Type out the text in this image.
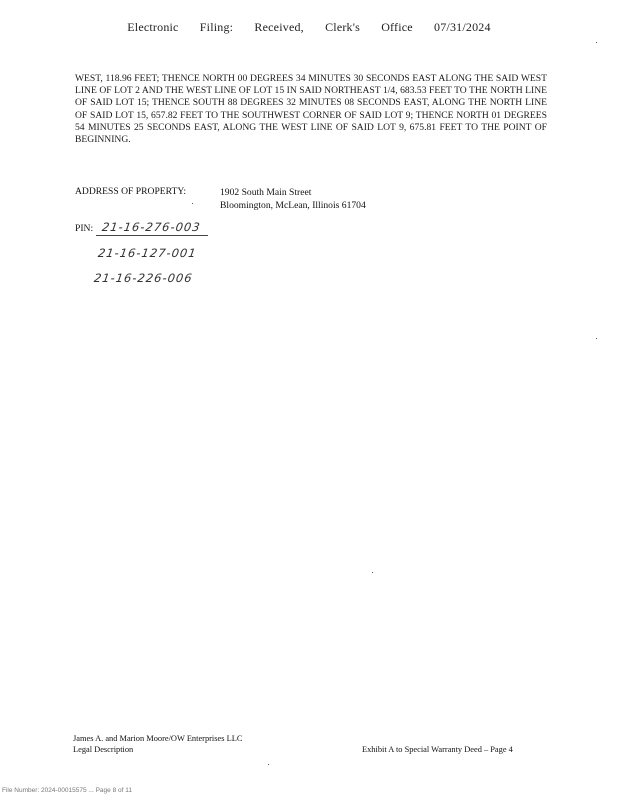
Electronic Filing: Received, Clerk's Office 07/31/2024
WEST, 118.96 FEET; THENCE NORTH 00 DEGREES 34 MINUTES 30 SECONDS EAST ALONG THE SAID WEST LINE OF LOT 2 AND THE WEST LINE OF LOT 15 IN SAID NORTHEAST 1/4, 683.53 FEET TO THE NORTH LINE OF SAID LOT 15; THENCE SOUTH 88 DEGREES 32 MINUTES 08 SECONDS EAST, ALONG THE NORTH LINE OF SAID LOT 15, 657.82 FEET TO THE SOUTHWEST CORNER OF SAID LOT 9; THENCE NORTH 01 DEGREES 54 MINUTES 25 SECONDS EAST, ALONG THE WEST LINE OF SAID LOT 9, 675.81 FEET TO THE POINT OF BEGINNING.
ADDRESS OF PROPERTY:	1902 South Main Street
Bloomington, McLean, Illinois 61704
PIN: 21-16-276-003
21-16-127-001
21-16-226-006
James A. and Marion Moore/OW Enterprises LLC
Legal Description	Exhibit A to Special Warranty Deed – Page 4
File Number: 2024-00015575 ... Page 8 of 11
